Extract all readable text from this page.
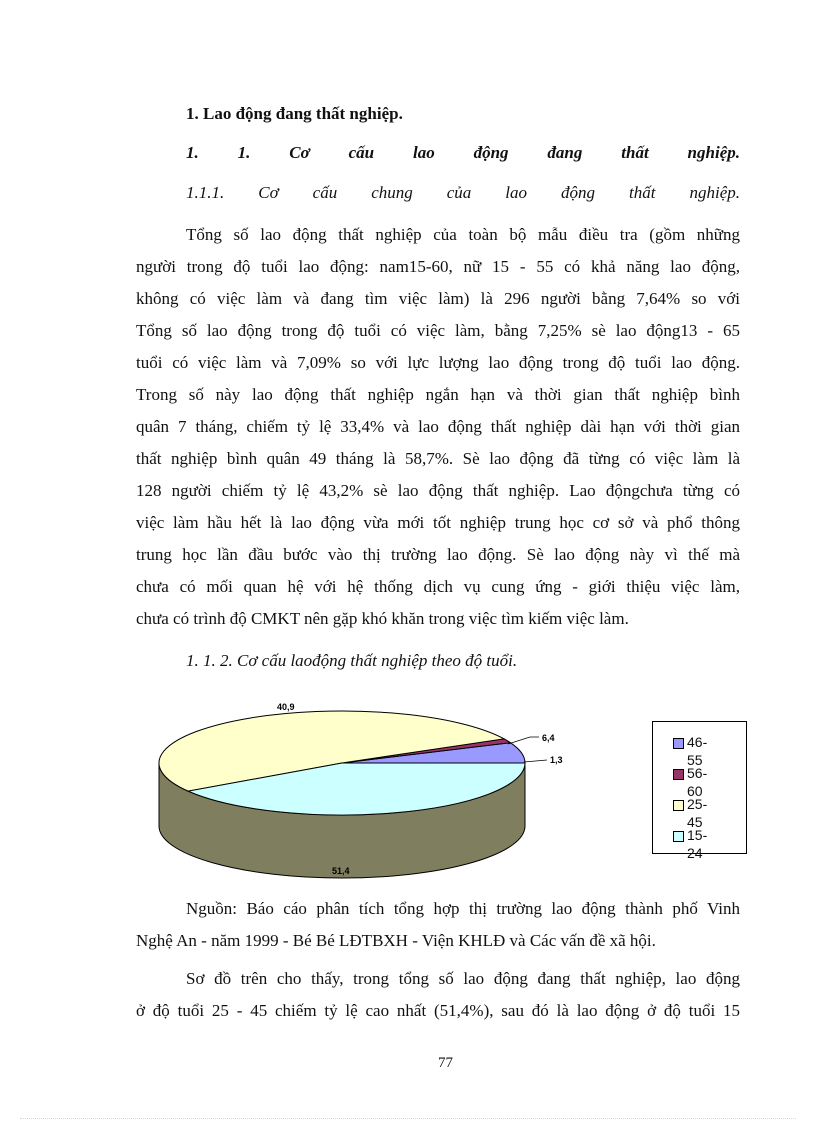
1. Lao động đang thất nghiệp.
1. 1. Cơ cấu lao động đang thất nghiệp.
1.1.1. Cơ cấu chung của lao động thất nghiệp.
Tổng số lao động thất nghiệp của toàn bộ mẫu điều tra (gồm những
người trong độ tuổi lao động: nam15-60, nữ 15 - 55 có khả năng lao động,
không có việc làm và đang tìm việc làm) là 296 người bằng 7,64% so với
Tổng số lao động trong độ tuổi có việc làm, bằng 7,25% sè lao động13 - 65
tuổi có việc làm và 7,09% so với lực lượng lao động trong độ tuổi lao động.
Trong số này lao động thất nghiệp ngắn hạn và thời gian thất nghiệp bình
quân 7 tháng, chiếm tỷ lệ 33,4% và lao động thất nghiệp dài hạn với thời gian
thất nghiệp bình quân 49 tháng là 58,7%. Sè lao động đã từng có việc làm là
128 người chiếm tỷ lệ 43,2% sè lao động thất nghiệp. Lao độngchưa từng có
việc làm hầu hết là lao động vừa mới tốt nghiệp trung học cơ sở và phổ thông
trung học lần đầu bước vào thị trường lao động. Sè lao động này vì thế mà
chưa có mối quan hệ với hệ thống dịch vụ cung ứng - giới thiệu việc làm,
chưa có trình độ CMKT nên gặp khó khăn trong việc tìm kiếm việc làm.
1. 1. 2. Cơ cấu laođộng thất nghiệp theo độ tuổi.
40,9
6,4
1,3
51,4
46-55
56-60
25-45
15-24
Nguồn: Báo cáo phân tích tổng hợp thị trường lao động thành phố Vinh
Nghệ An - năm 1999 - Bé Bé LĐTBXH - Viện KHLĐ và Các vấn đề xã hội.
Sơ đồ trên cho thấy, trong tổng số lao động đang thất nghiệp, lao động
ở độ tuổi 25 - 45 chiếm tỷ lệ cao nhất (51,4%), sau đó là lao động ở độ tuổi 15
77
